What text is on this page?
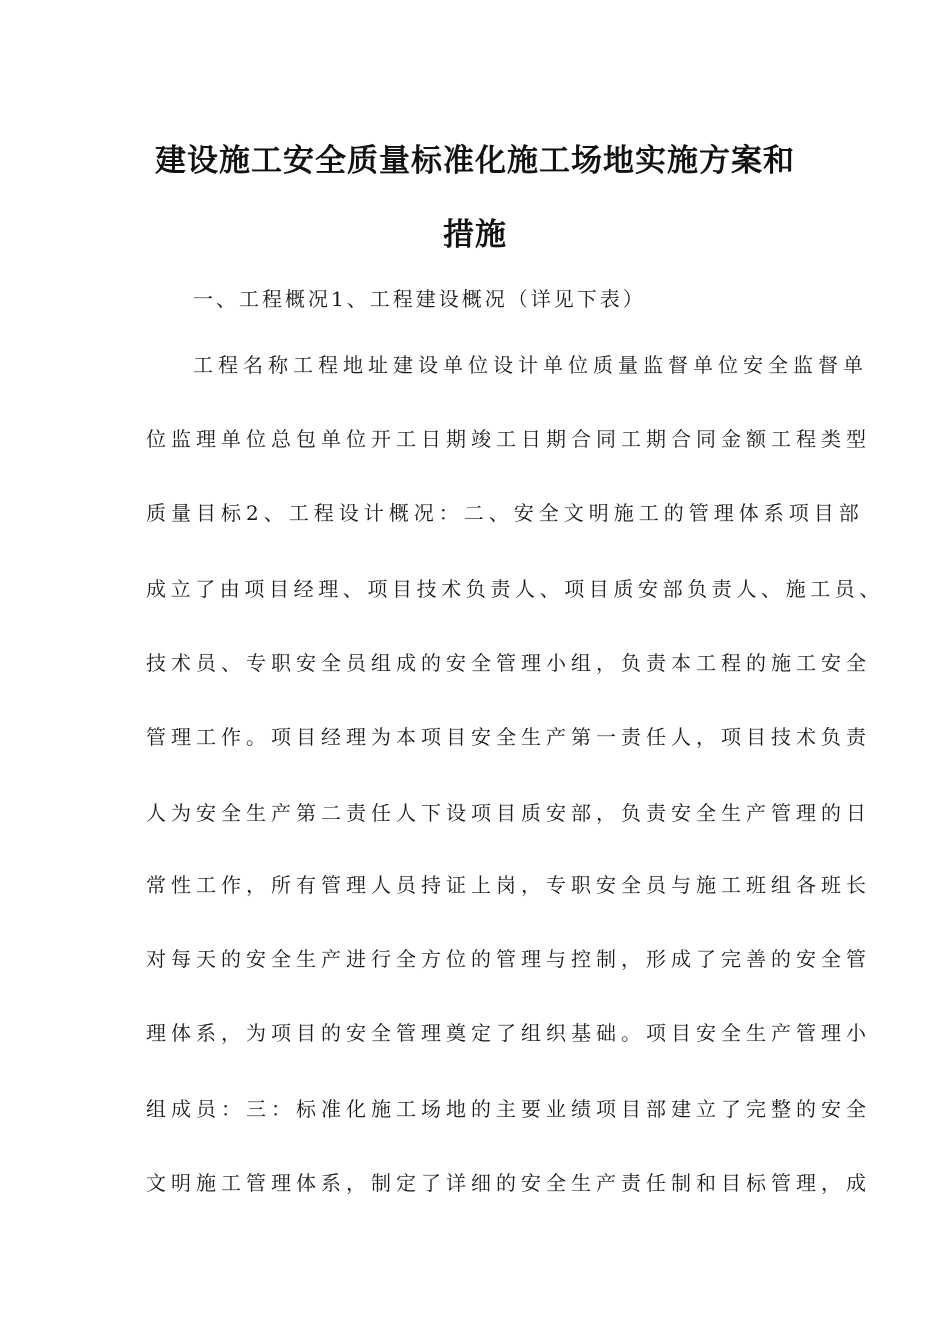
建设施工安全质量标准化施工场地实施方案和
措施
一、工程概况1、工程建设概况（详见下表）
工程名称工程地址建设单位设计单位质量监督单位安全监督单
位监理单位总包单位开工日期竣工日期合同工期合同金额工程类型
质量目标2、工程设计概况：二、安全文明施工的管理体系项目部
成立了由项目经理、项目技术负责人、项目质安部负责人、施工员、
技术员、专职安全员组成的安全管理小组，负责本工程的施工安全
管理工作。项目经理为本项目安全生产第一责任人，项目技术负责
人为安全生产第二责任人下设项目质安部，负责安全生产管理的日
常性工作，所有管理人员持证上岗，专职安全员与施工班组各班长
对每天的安全生产进行全方位的管理与控制，形成了完善的安全管
理体系，为项目的安全管理奠定了组织基础。项目安全生产管理小
组成员：三：标准化施工场地的主要业绩项目部建立了完整的安全
文明施工管理体系，制定了详细的安全生产责任制和目标管理，成
